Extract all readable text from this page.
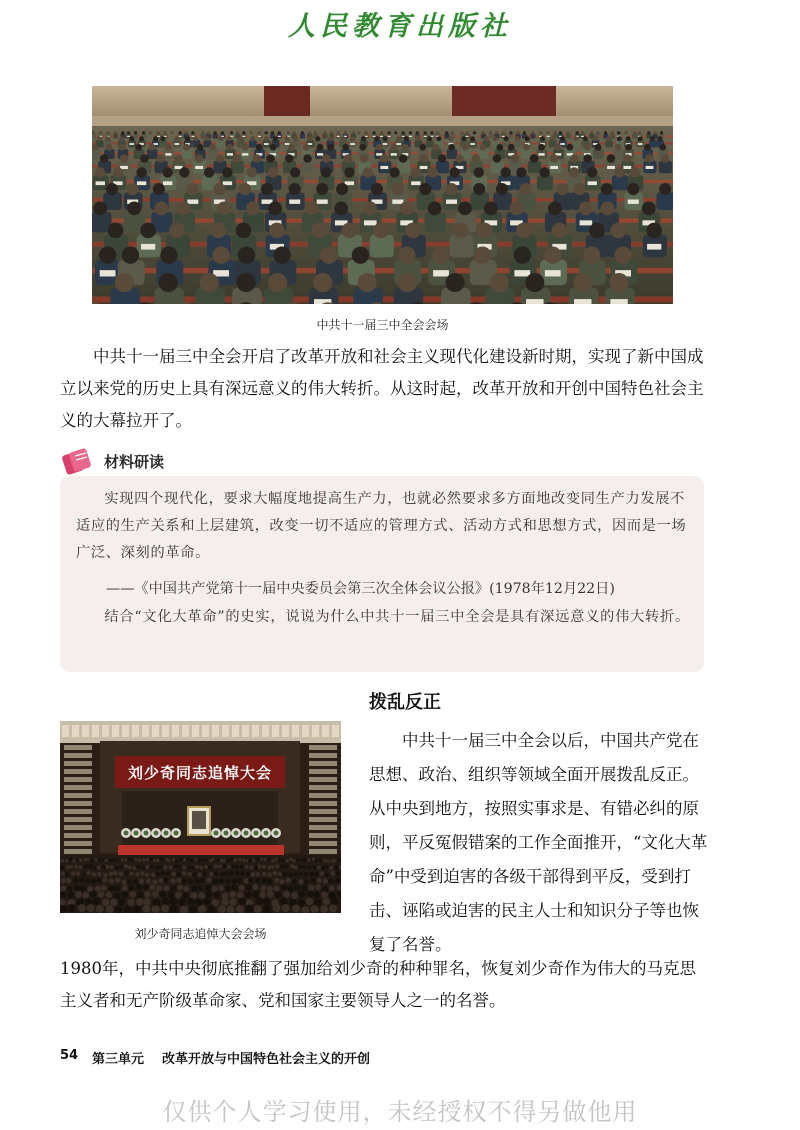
人民教育出版社
中共十一届三中全会会场
中共十一届三中全会开启了改革开放和社会主义现代化建设新时期，实现了新中国成立以来党的历史上具有深远意义的伟大转折。从这时起，改革开放和开创中国特色社会主义的大幕拉开了。
材料研读
实现四个现代化，要求大幅度地提高生产力，也就必然要求多方面地改变同生产力发展不适应的生产关系和上层建筑，改变一切不适应的管理方式、活动方式和思想方式，因而是一场广泛、深刻的革命。
——《中国共产党第十一届中央委员会第三次全体会议公报》(1978年12月22日)
结合“文化大革命”的史实，说说为什么中共十一届三中全会是具有深远意义的伟大转折。
拨乱反正
刘少奇同志追悼大会
刘少奇同志追悼大会会场
中共十一届三中全会以后，中国共产党在思想、政治、组织等领域全面开展拨乱反正。从中央到地方，按照实事求是、有错必纠的原则，平反冤假错案的工作全面推开，“文化大革命”中受到迫害的各级干部得到平反，受到打击、诬陷或迫害的民主人士和知识分子等也恢复了名誉。
1980年，中共中央彻底推翻了强加给刘少奇的种种罪名，恢复刘少奇作为伟大的马克思主义者和无产阶级革命家、党和国家主要领导人之一的名誉。
54 第三单元 改革开放与中国特色社会主义的开创
仅供个人学习使用，未经授权不得另做他用
